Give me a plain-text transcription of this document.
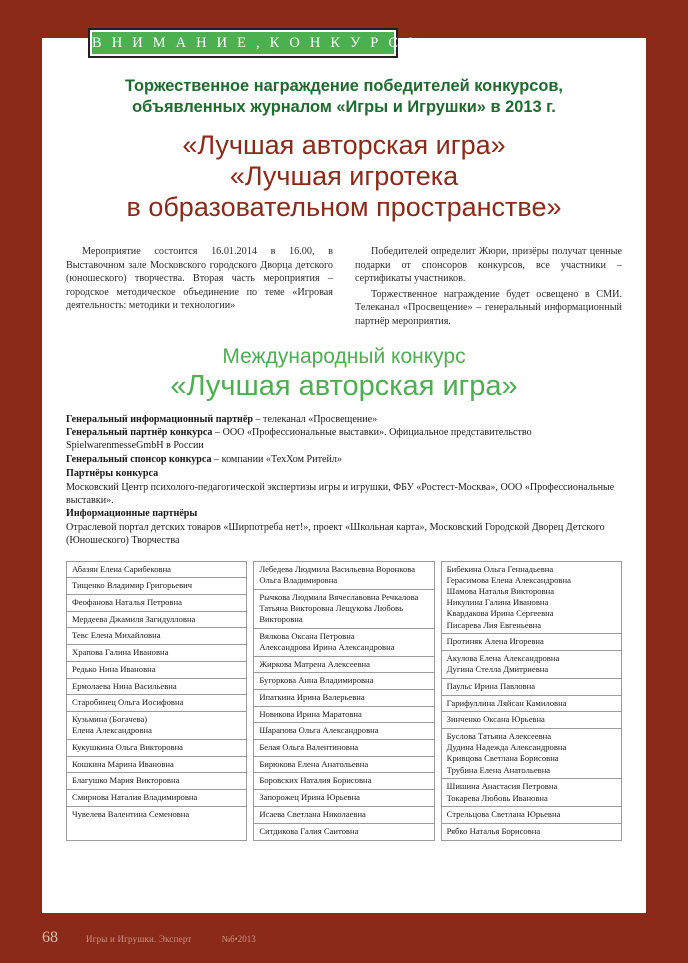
В Н И М А Н И Е , К О Н К У Р С !
Торжественное награждение победителей конкурсов,
объявленных журналом «Игры и Игрушки» в 2013 г.
«Лучшая авторская игра»
«Лучшая игротека
в образовательном пространстве»

Мероприятие состоится 16.01.2014 в 16.00, в Выставочном зале Московского городского Дворца детского (юношеского) творчества. Вторая часть мероприятия – городское методическое объединение по теме «Игровая деятельность: методики и технологии»

Победителей определит Жюри, призёры получат ценные подарки от спонсоров конкурсов, все участники – сертификаты участников.

Торжественное награждение будет освещено в СМИ. Телеканал «Просвещение» – генеральный информационный партнёр мероприятия.

Международный конкурс
«Лучшая авторская игра»
Генеральный информационный партнёр – телеканал «Просвещение»
Генеральный партнёр конкурса – ООО «Профессиональные выставки». Официальное представительство SpielwarenmesseGmbH в России
Генеральный спонсор конкурса – компании «ТехХом Ритейл»
Партнёры конкурса
Московский Центр психолого-педагогической экспертизы игры и игрушки, ФБУ «Ростест-Москва», ООО «Профессиональные выставки».
Информационные партнёры
Отраслевой портал детских товаров «Ширпотреба нет!», проект «Школьная карта», Московский Городской Дворец Детского (Юношеского) Творчества
Абазян Елена Сарибековна
Тищенко Владимир Григорьевич
Феофанова Наталья Петровна
Мердеева Джамиля Загидулловна
Тевс Елена Михайловна
Храпова Галина Ивановна
Редько Нина Ивановна
Ермолаева Нина Васильевна
Старобинец Ольга Иосифовна
Кузьмина (Богачева)
Елена Александровна
Кукушкина Ольга Викторовна
Кошкина Марина Ивановна
Благушко Мария Викторовна
Смирнова Наталия Владимировна
Чувелева Валентина Семеновна
Лебедева Людмила Васильевна Воронкова Ольга Владимировна
Рычкова Людмила Вячеславовна Речкалова Татьяна Викторовна Лещукова Любовь Викторовна
Вялкова Оксана Петровна
Александрова Ирина Александровна
Жиркова Матрена Алексеевна
Бугоркова Анна Владимировна
Ипаткина Ирина Валерьевна
Новикова Ирина Маратовна
Шарапова Ольга Александровна
Белая Ольга Валентиновна
Бирюкова Елена Анатольевна
Боровских Наталия Борисовна
Запорожец Ирина Юрьевна
Исаева Светлана Николаевна
Ситдикова Галия Саитовна
Бибекина Ольга Геннадьевна
Герасимова Елена Александровна
Шамова Наталья Викторовна
Никулина Галина Ивановна
Квардакова Ирина Сергеевна
Писарева Лия Евгеньевна
Протиняк Алена Игоревна
Акулова Елена Александровна
Дугина Стелла Дмитриевна
Паульс Ирина Павловна
Гарифуллина Ляйсан Камиловна
Зинченко Оксана Юрьевна
Буслова Татьяна Алексеевна
Дудина Надежда Александровна
Кривцова Светлана Борисовна
Трубина Елена Анатольевна
Шишина Анастасия Петровна
Токарева Любовь Ивановна
Стрельцова Светлана Юрьевна
Рябко Наталья Борисовна
68	Игры и Игрушки. Эксперт	№6•2013
